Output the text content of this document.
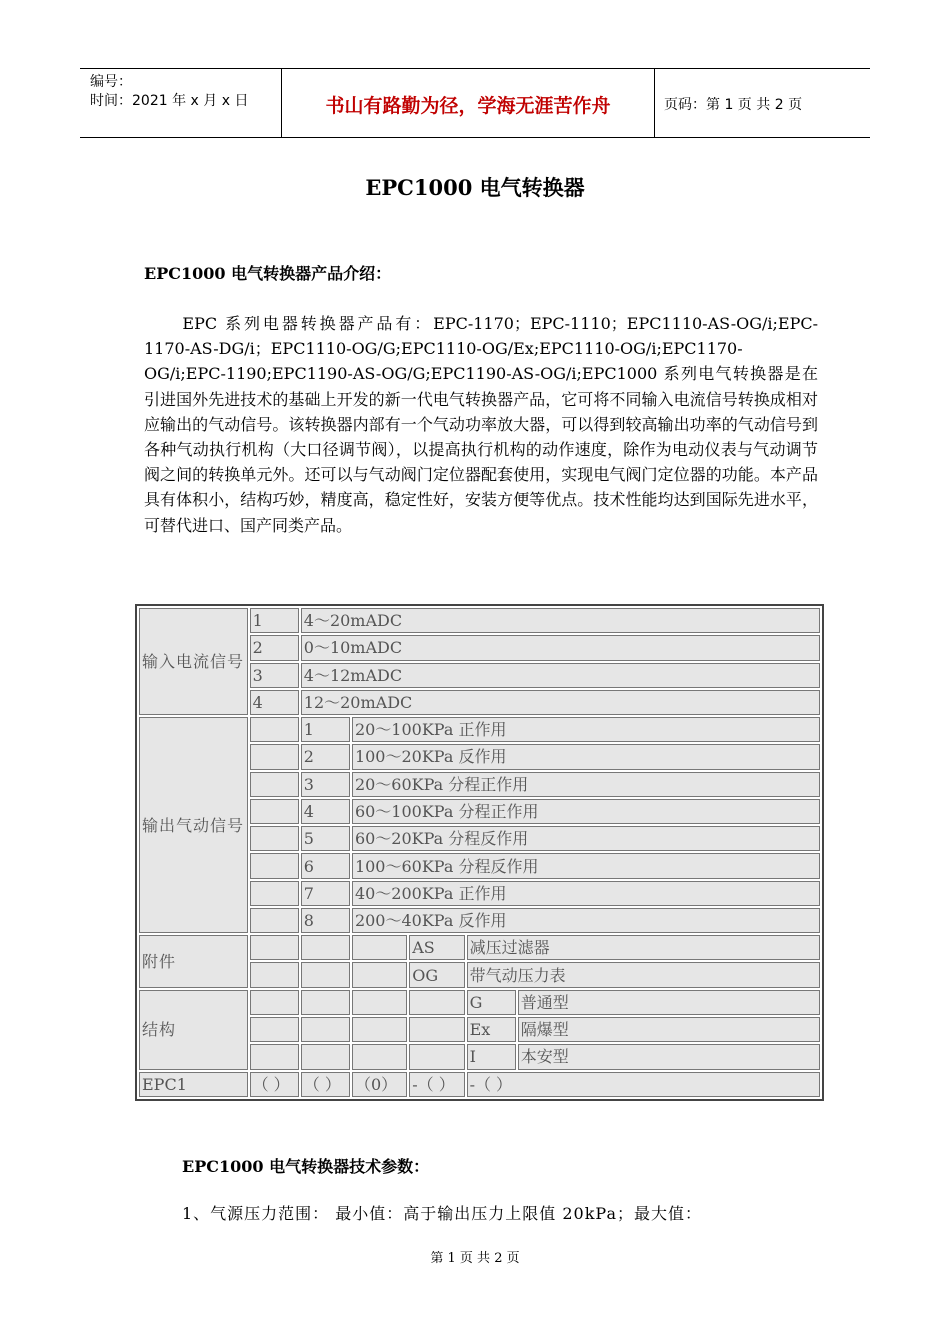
编号：
时间：2021 年 x 月 x 日	书山有路勤为径，学海无涯苦作舟	页码：第 1 页 共 2 页
EPC1000 电气转换器
EPC1000 电气转换器产品介绍：

EPC 系列电器转换器产品有：EPC-1170；EPC-1110；EPC1110-AS-OG/i;EPC-1170-AS-DG/i；EPC1110-OG/G;EPC1110-OG/Ex;EPC1110-OG/i;EPC1170-OG/i;EPC-1190;EPC1190-AS-OG/G;EPC1190-AS-OG/i;EPC1000 系列电气转换器是在引进国外先进技术的基础上开发的新一代电气转换器产品，它可将不同输入电流信号转换成相对应输出的气动信号。该转换器内部有一个气动功率放大器，可以得到较高输出功率的气动信号到各种气动执行机构（大口径调节阀），以提高执行机构的动作速度，除作为电动仪表与气动调节阀之间的转换单元外。还可以与气动阀门定位器配套使用，实现电气阀门定位器的功能。本产品具有体积小，结构巧妙，精度高，稳定性好，安装方便等优点。技术性能均达到国际先进水平，可替代进口、国产同类产品。

输入电流信号	1	4～20mADC				
	2	0～10mADC				
	3	4～12mADC				
	4	12～20mADC				
输出气动信号		1	20～100KPa 正作用			
		2	100～20KPa 反作用			
		3	20～60KPa 分程正作用			
		4	60～100KPa 分程正作用			
		5	60～20KPa 分程反作用			
		6	100～60KPa 分程反作用			
		7	40～200KPa 正作用			
		8	200～40KPa 反作用			
附件				AS	减压过滤器	
				OG	带气动压力表	
结构					G	普通型
					Ex	隔爆型
					I	本安型
EPC1	（ ）	（ ）	（0）	-（ ）	-（ ）	
EPC1000 电气转换器技术参数：
1、气源压力范围： 最小值：高于输出压力上限值 20kPa；最大值：
第 1 页 共 2 页
